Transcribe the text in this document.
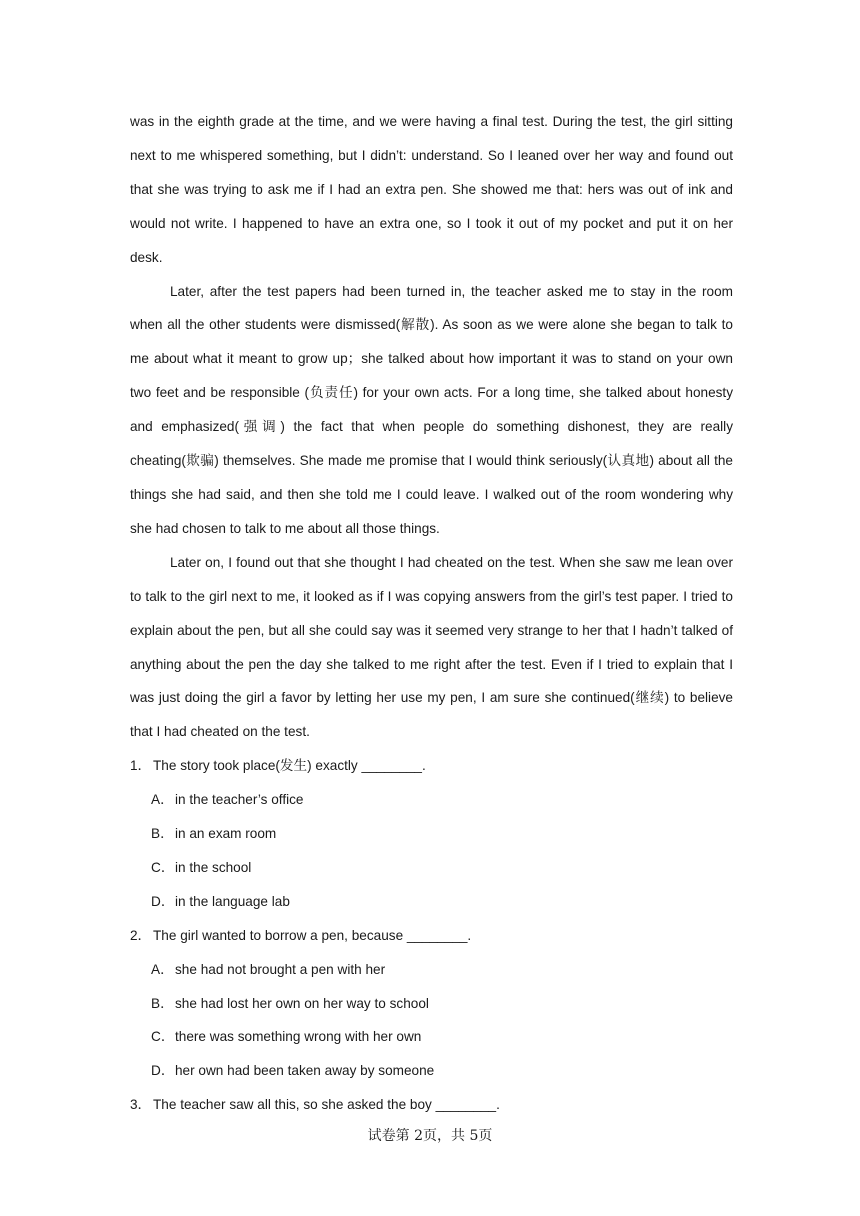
was in the eighth grade at the time, and we were having a final test. During the test, the girl sitting next to me whispered something, but I didn’t: understand. So I leaned over her way and found out that she was trying to ask me if I had an extra pen. She showed me that: hers was out of ink and would not write. I happened to have an extra one, so I took it out of my pocket and put it on her desk.

Later, after the test papers had been turned in, the teacher asked me to stay in the room when all the other students were dismissed(解散). As soon as we were alone she began to talk to me about what it meant to grow up；she talked about how important it was to stand on your own two feet and be responsible (负责任) for your own acts. For a long time, she talked about honesty and emphasized(强调) the fact that when people do something dishonest, they are really cheating(欺骗) themselves. She made me promise that I would think seriously(认真地) about all the things she had said, and then she told me I could leave. I walked out of the room wondering why she had chosen to talk to me about all those things.

Later on, I found out that she thought I had cheated on the test. When she saw me lean over to talk to the girl next to me, it looked as if I was copying answers from the girl’s test paper. I tried to explain about the pen, but all she could say was it seemed very strange to her that I hadn’t talked of anything about the pen the day she talked to me right after the test. Even if I tried to explain that I was just doing the girl a favor by letting her use my pen, I am sure she continued(继续) to believe that I had cheated on the test.

1． The story took place(发生) exactly ________.

A．in the teacher’s office
B．in an exam room
C．in the school
D．in the language lab

2． The girl wanted to borrow a pen, because ________.

A．she had not brought a pen with her
B．she had lost her own on her way to school
C．there was something wrong with her own
D．her own had been taken away by someone

3． The teacher saw all this, so she asked the boy ________.

试卷第 2页，共 5页
